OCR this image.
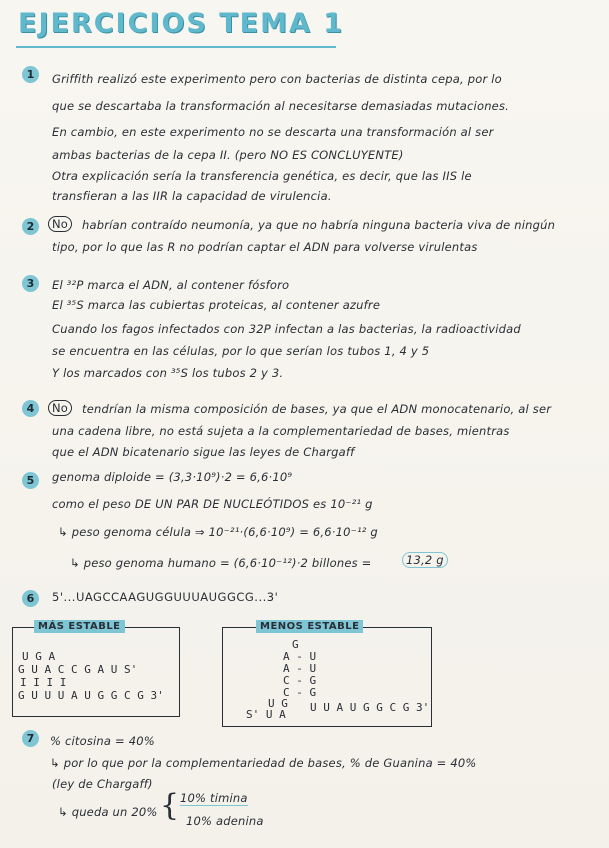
EJERCICIOS TEMA 1
1	Griffith realizó este experimento pero con bacterias de distinta cepa, por lo
que se descartaba la transformación al necesitarse demasiadas mutaciones.
En cambio, en este experimento no se descarta una transformación al ser
ambas bacterias de la cepa II. (pero NO ES CONCLUYENTE)
Otra explicación sería la transferencia genética, es decir, que las IIS le
transfieran a las IIR la capacidad de virulencia.
2	No	habrían contraído neumonía, ya que no habría ninguna bacteria viva de ningún
tipo, por lo que las R no podrían captar el ADN para volverse virulentas
3	El ³²P marca el ADN, al contener fósforo
El ³⁵S marca las cubiertas proteicas, al contener azufre
Cuando los fagos infectados con 32P infectan a las bacterias, la radioactividad
se encuentra en las células, por lo que serían los tubos 1, 4 y 5
Y los marcados con ³⁵S los tubos 2 y 3.
4	No	tendrían la misma composición de bases, ya que el ADN monocatenario, al ser
una cadena libre, no está sujeta a la complementariedad de bases, mientras
que el ADN bicatenario sigue las leyes de Chargaff
5	genoma diploide = (3,3·10⁹)·2 = 6,6·10⁹
como el peso DE UN PAR DE NUCLEÓTIDOS es 10⁻²¹ g
↳ peso genoma célula ⇒ 10⁻²¹·(6,6·10⁹) = 6,6·10⁻¹² g
↳ peso genoma humano = (6,6·10⁻¹²)·2 billones =	13,2 g
6	5'...UAGCCAAGUGGUUUAUGGCG...3'
MÁS ESTABLE
U G A
G U A C C G A U S'
I I I I
G U U U A U G G C G 3'
MENOS ESTABLE
G
A - U
A - U
C - G
C - G
U G
S' U A
U U A U G G C G 3'
7	% citosina = 40%
↳ por lo que por la complementariedad de bases, % de Guanina = 40%
(ley de Chargaff)
↳ queda un 20% { 10% timina
10% adenina
